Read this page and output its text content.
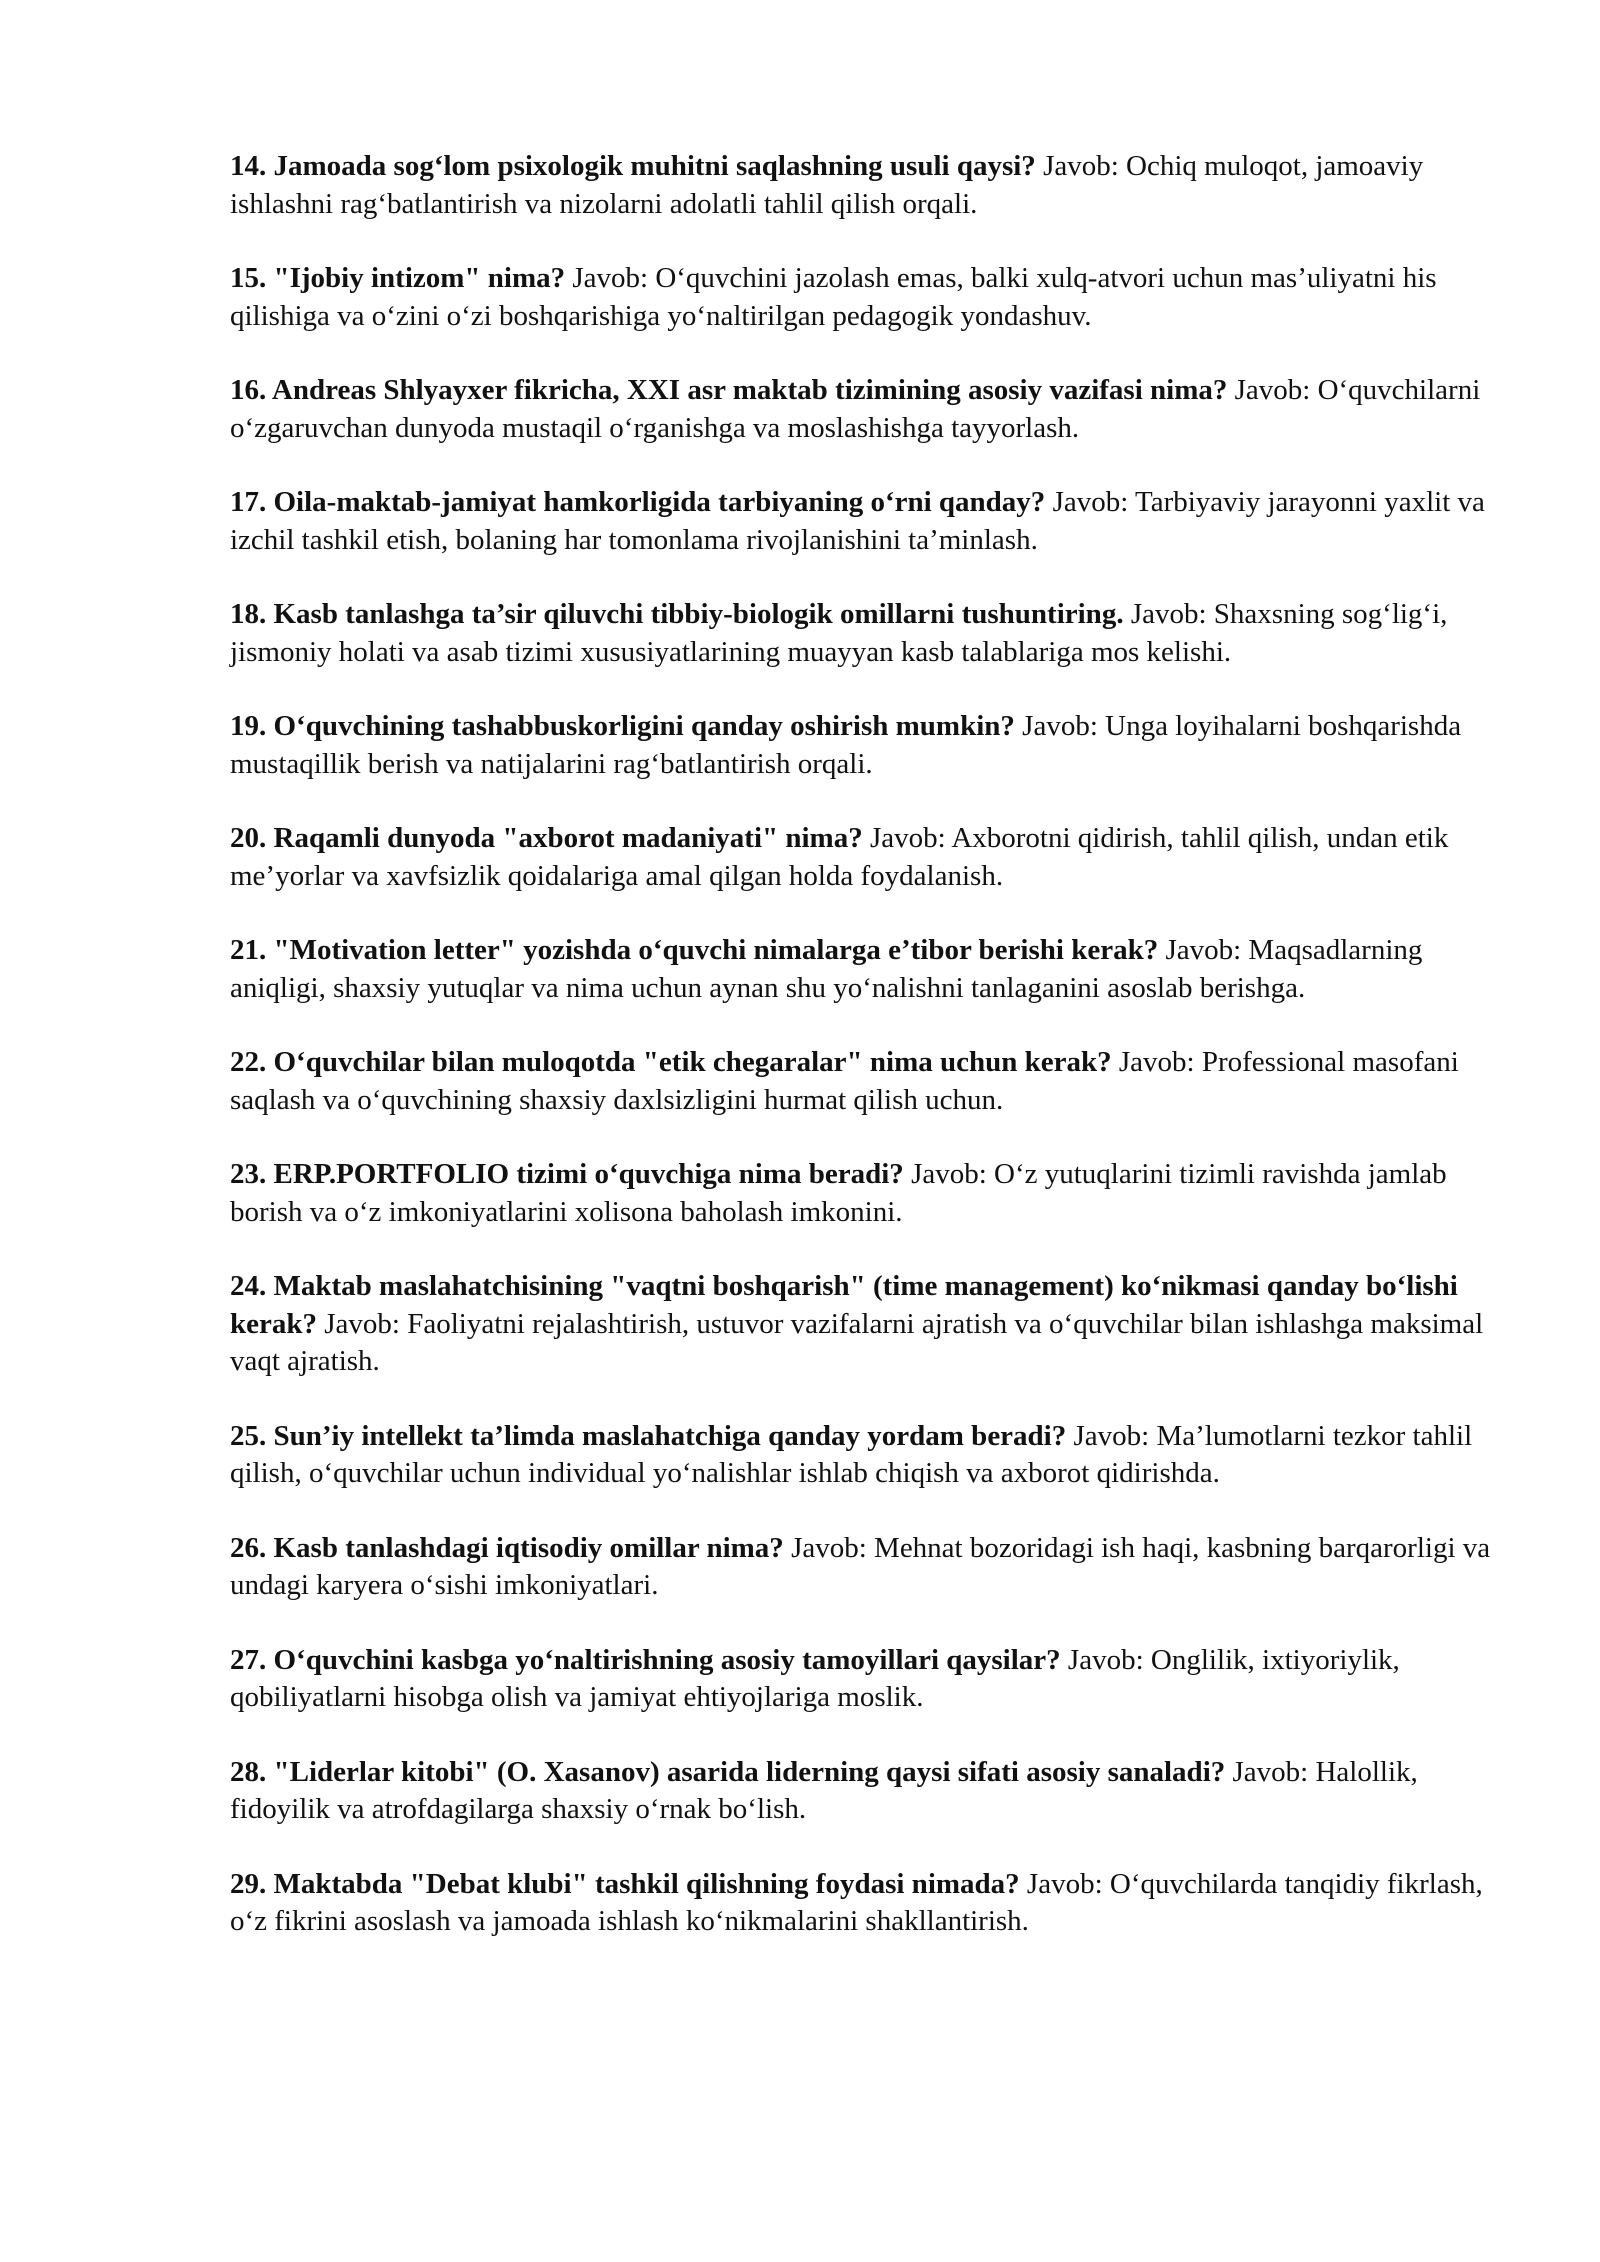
14. Jamoada sog‘lom psixologik muhitni saqlashning usuli qaysi? Javob: Ochiq muloqot, jamoaviy ishlashni rag‘batlantirish va nizolarni adolatli tahlil qilish orqali.

15. "Ijobiy intizom" nima? Javob: O‘quvchini jazolash emas, balki xulq-atvori uchun mas’uliyatni his qilishiga va o‘zini o‘zi boshqarishiga yo‘naltirilgan pedagogik yondashuv.

16. Andreas Shlyayxer fikricha, XXI asr maktab tizimining asosiy vazifasi nima? Javob: O‘quvchilarni o‘zgaruvchan dunyoda mustaqil o‘rganishga va moslashishga tayyorlash.

17. Oila-maktab-jamiyat hamkorligida tarbiyaning o‘rni qanday? Javob: Tarbiyaviy jarayonni yaxlit va izchil tashkil etish, bolaning har tomonlama rivojlanishini ta’minlash.

18. Kasb tanlashga ta’sir qiluvchi tibbiy-biologik omillarni tushuntiring. Javob: Shaxsning sog‘lig‘i, jismoniy holati va asab tizimi xususiyatlarining muayyan kasb talablariga mos kelishi.

19. O‘quvchining tashabbuskorligini qanday oshirish mumkin? Javob: Unga loyihalarni boshqarishda mustaqillik berish va natijalarini rag‘batlantirish orqali.

20. Raqamli dunyoda "axborot madaniyati" nima? Javob: Axborotni qidirish, tahlil qilish, undan etik me’yorlar va xavfsizlik qoidalariga amal qilgan holda foydalanish.

21. "Motivation letter" yozishda o‘quvchi nimalarga e’tibor berishi kerak? Javob: Maqsadlarning aniqligi, shaxsiy yutuqlar va nima uchun aynan shu yo‘nalishni tanlaganini asoslab berishga.

22. O‘quvchilar bilan muloqotda "etik chegaralar" nima uchun kerak? Javob: Professional masofani saqlash va o‘quvchining shaxsiy daxlsizligini hurmat qilish uchun.

23. ERP.PORTFOLIO tizimi o‘quvchiga nima beradi? Javob: O‘z yutuqlarini tizimli ravishda jamlab borish va o‘z imkoniyatlarini xolisona baholash imkonini.

24. Maktab maslahatchisining "vaqtni boshqarish" (time management) ko‘nikmasi qanday bo‘lishi kerak? Javob: Faoliyatni rejalashtirish, ustuvor vazifalarni ajratish va o‘quvchilar bilan ishlashga maksimal vaqt ajratish.

25. Sun’iy intellekt ta’limda maslahatchiga qanday yordam beradi? Javob: Ma’lumotlarni tezkor tahlil qilish, o‘quvchilar uchun individual yo‘nalishlar ishlab chiqish va axborot qidirishda.

26. Kasb tanlashdagi iqtisodiy omillar nima? Javob: Mehnat bozoridagi ish haqi, kasbning barqarorligi va undagi karyera o‘sishi imkoniyatlari.

27. O‘quvchini kasbga yo‘naltirishning asosiy tamoyillari qaysilar? Javob: Onglilik, ixtiyoriylik, qobiliyatlarni hisobga olish va jamiyat ehtiyojlariga moslik.

28. "Liderlar kitobi" (O. Xasanov) asarida liderning qaysi sifati asosiy sanaladi? Javob: Halollik, fidoyilik va atrofdagilarga shaxsiy o‘rnak bo‘lish.

29. Maktabda "Debat klubi" tashkil qilishning foydasi nimada? Javob: O‘quvchilarda tanqidiy fikrlash, o‘z fikrini asoslash va jamoada ishlash ko‘nikmalarini shakllantirish.
